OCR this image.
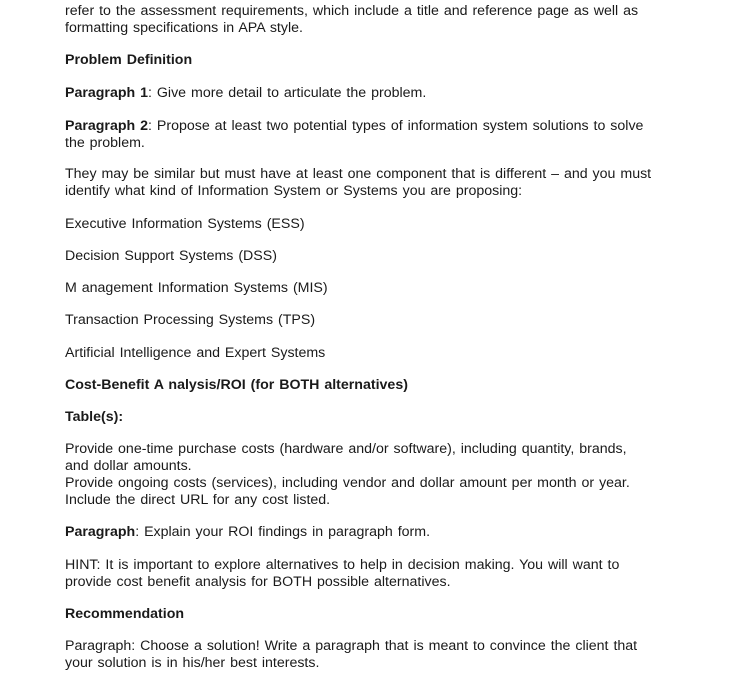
refer to the assessment requirements, which include a title and reference page as well as
formatting specifications in APA style.

Problem Definition

Paragraph 1: Give more detail to articulate the problem.

Paragraph 2: Propose at least two potential types of information system solutions to solve
the problem.

They may be similar but must have at least one component that is different – and you must
identify what kind of Information System or Systems you are proposing:

Executive Information Systems (ESS)

Decision Support Systems (DSS)

M anagement Information Systems (MIS)

Transaction Processing Systems (TPS)

Artificial Intelligence and Expert Systems

Cost-Benefit A nalysis/ROI (for BOTH alternatives)

Table(s):

Provide one-time purchase costs (hardware and/or software), including quantity, brands,
and dollar amounts.
Provide ongoing costs (services), including vendor and dollar amount per month or year.
Include the direct URL for any cost listed.

Paragraph: Explain your ROI findings in paragraph form.

HINT: It is important to explore alternatives to help in decision making. You will want to
provide cost benefit analysis for BOTH possible alternatives.

Recommendation

Paragraph: Choose a solution! Write a paragraph that is meant to convince the client that
your solution is in his/her best interests.
